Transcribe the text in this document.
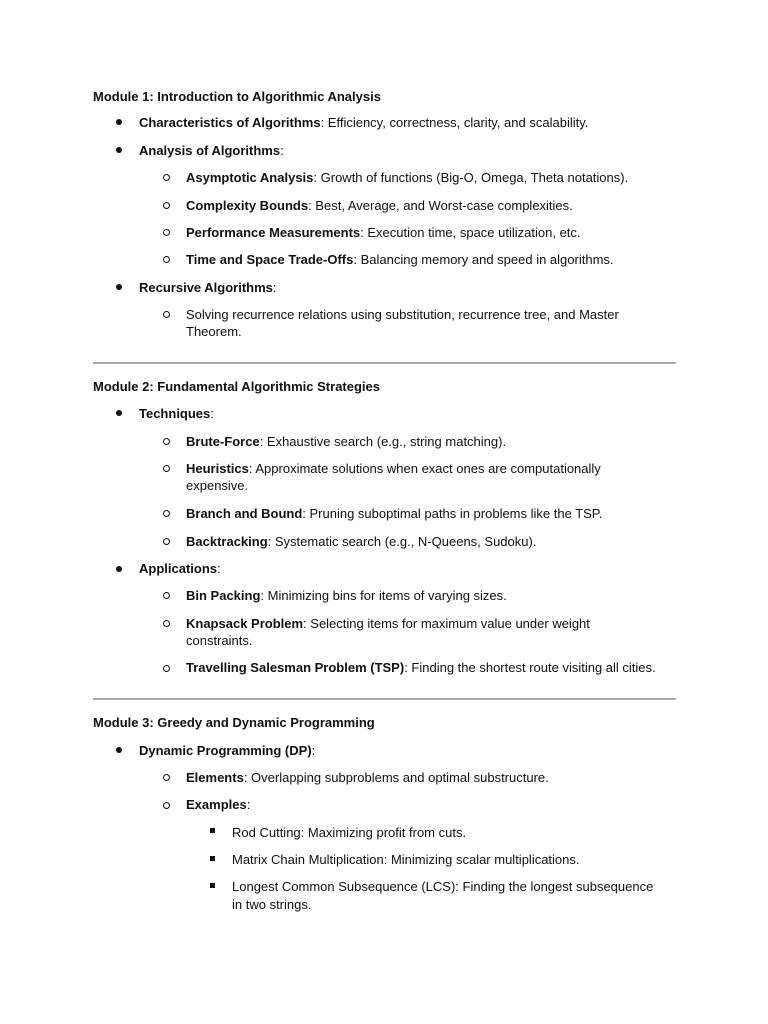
Module 1: Introduction to Algorithmic Analysis
Characteristics of Algorithms: Efficiency, correctness, clarity, and scalability.
Analysis of Algorithms:
Asymptotic Analysis: Growth of functions (Big-O, Omega, Theta notations).
Complexity Bounds: Best, Average, and Worst-case complexities.
Performance Measurements: Execution time, space utilization, etc.
Time and Space Trade-Offs: Balancing memory and speed in algorithms.
Recursive Algorithms:
Solving recurrence relations using substitution, recurrence tree, and Master
Theorem.
Module 2: Fundamental Algorithmic Strategies
Techniques:
Brute-Force: Exhaustive search (e.g., string matching).
Heuristics: Approximate solutions when exact ones are computationally
expensive.
Branch and Bound: Pruning suboptimal paths in problems like the TSP.
Backtracking: Systematic search (e.g., N-Queens, Sudoku).
Applications:
Bin Packing: Minimizing bins for items of varying sizes.
Knapsack Problem: Selecting items for maximum value under weight
constraints.
Travelling Salesman Problem (TSP): Finding the shortest route visiting all cities.
Module 3: Greedy and Dynamic Programming
Dynamic Programming (DP):
Elements: Overlapping subproblems and optimal substructure.
Examples:
Rod Cutting: Maximizing profit from cuts.
Matrix Chain Multiplication: Minimizing scalar multiplications.
Longest Common Subsequence (LCS): Finding the longest subsequence
in two strings.
